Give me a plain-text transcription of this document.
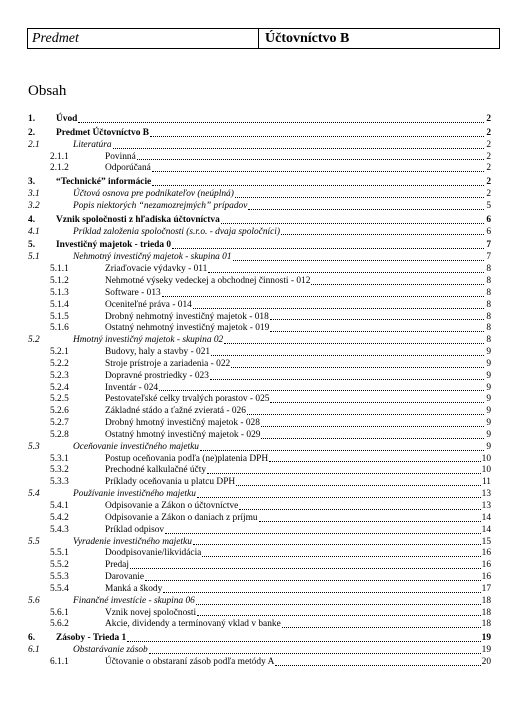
Predmet	Účtovníctvo B
Obsah
1.	Úvod	2
2.	Predmet Účtovníctvo B	2
2.1	Literatúra	2
2.1.1	Povinná	2
2.1.2	Odporúčaná	2
3.	“Technické” informácie	2
3.1	Účtová osnova pre podnikateľov (neúplná)	2
3.2	Popis niektorých “nezamozrejmých” prípadov	5
4.	Vznik spoločnosti z hľadiska účtovníctva	6
4.1	Príklad založenia spoločnosti (s.r.o. - dvaja spoločníci)	6
5.	Investičný majetok - trieda 0	7
5.1	Nehmotný investičný majetok - skupina 01	7
5.1.1	Zriaďovacie výdavky - 011	8
5.1.2	Nehmotné výseky vedeckej a obchodnej činnosti - 012	8
5.1.3	Software - 013	8
5.1.4	Oceniteľné práva - 014	8
5.1.5	Drobný nehmotný investičný majetok - 018	8
5.1.6	Ostatný nehmotný investičný majetok - 019	8
5.2	Hmotný investičný majetok - skupina 02	8
5.2.1	Budovy, haly a stavby - 021	9
5.2.2	Stroje prístroje a zariadenia - 022	9
5.2.3	Dopravné prostriedky - 023	9
5.2.4	Inventár - 024	9
5.2.5	Pestovateľské celky trvalých porastov - 025	9
5.2.6	Základné stádo a ťažné zvieratá - 026	9
5.2.7	Drobný hmotný investičný majetok - 028	9
5.2.8	Ostatný hmotný investičný majetok - 029	9
5.3	Oceňovanie investičného majetku	9
5.3.1	Postup oceňovania podľa (ne)platenia DPH	10
5.3.2	Prechodné kalkulačné účty	10
5.3.3	Príklady oceňovania u platcu DPH	11
5.4	Používanie investičného majetku	13
5.4.1	Odpisovanie a Zákon o účtovníctve	13
5.4.2	Odpisovanie a Zákon o daniach z príjmu	14
5.4.3	Príklad odpisov	14
5.5	Vyradenie investičného majetku	15
5.5.1	Doodpisovanie/likvidácia	16
5.5.2	Predaj	16
5.5.3	Darovanie	16
5.5.4	Manká a škody	17
5.6	Finančné investície - skupina 06	18
5.6.1	Vznik novej spoločnosti	18
5.6.2	Akcie, dividendy a termínovaný vklad v banke	18
6.	Zásoby - Trieda 1	19
6.1	Obstarávanie zásob	19
6.1.1	Účtovanie o obstaraní zásob podľa metódy A	20
